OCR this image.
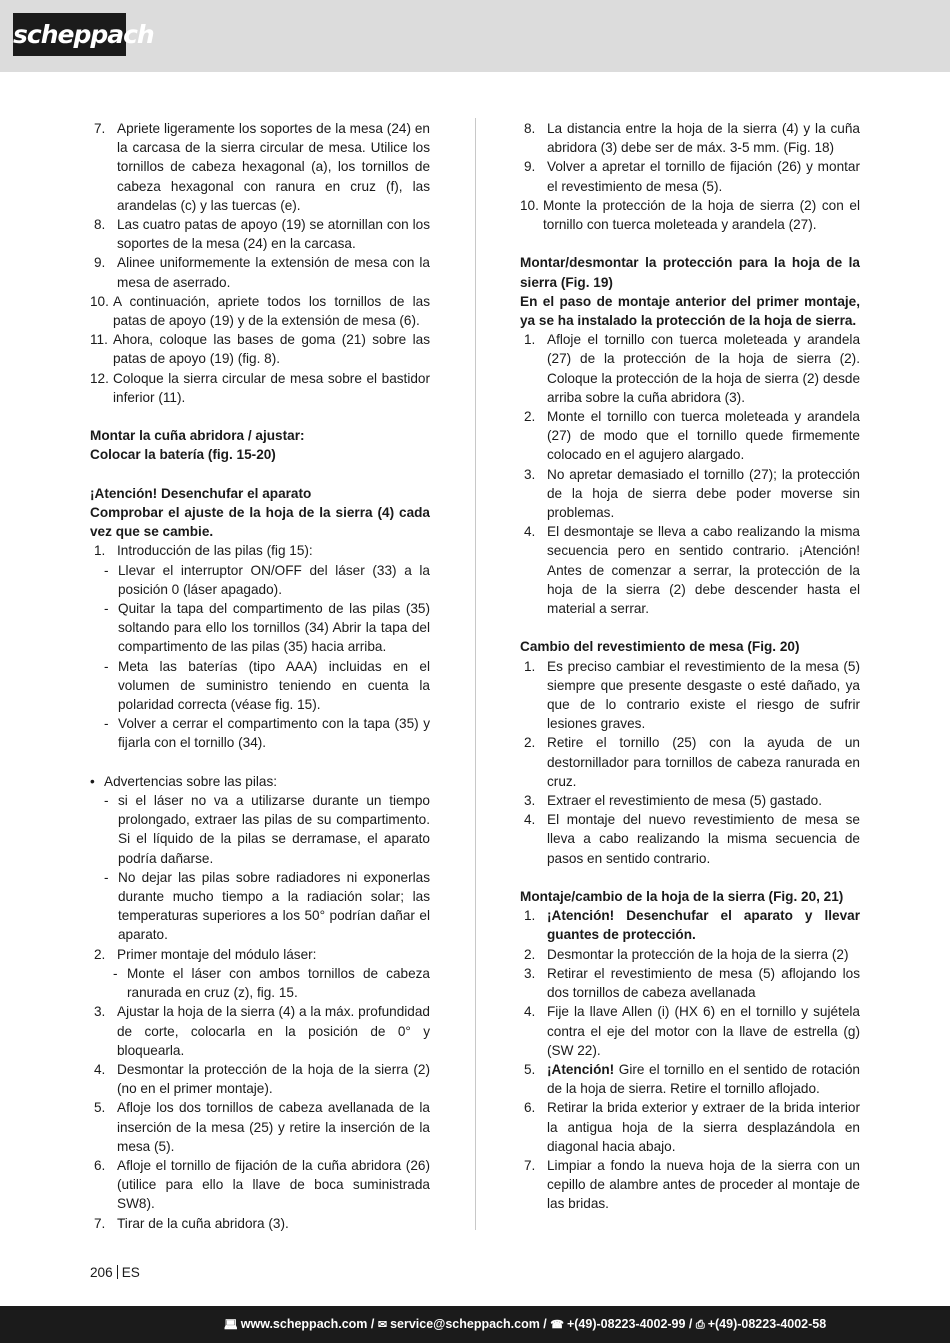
scheppach
7. Apriete ligeramente los soportes de la mesa (24) en la carcasa de la sierra circular de mesa. Utilice los tornillos de cabeza hexagonal (a), los tornillos de cabeza hexagonal con ranura en cruz (f), las arandelas (c) y las tuercas (e).
8. Las cuatro patas de apoyo (19) se atornillan con los soportes de la mesa (24) en la carcasa.
9. Alinee uniformemente la extensión de mesa con la mesa de aserrado.
10. A continuación, apriete todos los tornillos de las patas de apoyo (19) y de la extensión de mesa (6).
11. Ahora, coloque las bases de goma (21) sobre las patas de apoyo (19) (fig. 8).
12. Coloque la sierra circular de mesa sobre el bastidor inferior (11).
Montar la cuña abridora / ajustar:
Colocar la batería (fig. 15-20)
¡Atención! Desenchufar el aparato
Comprobar el ajuste de la hoja de la sierra (4) cada vez que se cambie.
1. Introducción de las pilas (fig 15):
- Llevar el interruptor ON/OFF del láser (33) a la posición 0 (láser apagado).
- Quitar la tapa del compartimento de las pilas (35) soltando para ello los tornillos (34) Abrir la tapa del compartimento de las pilas (35) hacia arriba.
- Meta las baterías (tipo AAA) incluidas en el volumen de suministro teniendo en cuenta la polaridad correcta (véase fig. 15).
- Volver a cerrar el compartimento con la tapa (35) y fijarla con el tornillo (34).
• Advertencias sobre las pilas:
- si el láser no va a utilizarse durante un tiempo prolongado, extraer las pilas de su compartimento. Si el líquido de la pilas se derramase, el aparato podría dañarse.
- No dejar las pilas sobre radiadores ni exponerlas durante mucho tiempo a la radiación solar; las temperaturas superiores a los 50° podrían dañar el aparato.
2. Primer montaje del módulo láser:
- Monte el láser con ambos tornillos de cabeza ranurada en cruz (z), fig. 15.
3. Ajustar la hoja de la sierra (4) a la máx. profundidad de corte, colocarla en la posición de 0° y bloquearla.
4. Desmontar la protección de la hoja de la sierra (2) (no en el primer montaje).
5. Afloje los dos tornillos de cabeza avellanada de la inserción de la mesa (25) y retire la inserción de la mesa (5).
6. Afloje el tornillo de fijación de la cuña abridora (26) (utilice para ello la llave de boca suministrada SW8).
7. Tirar de la cuña abridora (3).
8. La distancia entre la hoja de la sierra (4) y la cuña abridora (3) debe ser de máx. 3-5 mm. (Fig. 18)
9. Volver a apretar el tornillo de fijación (26) y montar el revestimiento de mesa (5).
10. Monte la protección de la hoja de sierra (2) con el tornillo con tuerca moleteada y arandela (27).
Montar/desmontar la protección para la hoja de la sierra (Fig. 19)
En el paso de montaje anterior del primer montaje, ya se ha instalado la protección de la hoja de sierra.
1. Afloje el tornillo con tuerca moleteada y arandela (27) de la protección de la hoja de sierra (2). Coloque la protección de la hoja de sierra (2) desde arriba sobre la cuña abridora (3).
2. Monte el tornillo con tuerca moleteada y arandela (27) de modo que el tornillo quede firmemente colocado en el agujero alargado.
3. No apretar demasiado el tornillo (27); la protección de la hoja de sierra debe poder moverse sin problemas.
4. El desmontaje se lleva a cabo realizando la misma secuencia pero en sentido contrario. ¡Atención! Antes de comenzar a serrar, la protección de la hoja de la sierra (2) debe descender hasta el material a serrar.
Cambio del revestimiento de mesa (Fig. 20)
1. Es preciso cambiar el revestimiento de la mesa (5) siempre que presente desgaste o esté dañado, ya que de lo contrario existe el riesgo de sufrir lesiones graves.
2. Retire el tornillo (25) con la ayuda de un destornillador para tornillos de cabeza ranurada en cruz.
3. Extraer el revestimiento de mesa (5) gastado.
4. El montaje del nuevo revestimiento de mesa se lleva a cabo realizando la misma secuencia de pasos en sentido contrario.
Montaje/cambio de la hoja de la sierra (Fig. 20, 21)
1. ¡Atención! Desenchufar el aparato y llevar guantes de protección.
2. Desmontar la protección de la hoja de la sierra (2)
3. Retirar el revestimiento de mesa (5) aflojando los dos tornillos de cabeza avellanada
4. Fije la llave Allen (i) (HX 6) en el tornillo y sujétela contra el eje del motor con la llave de estrella (g) (SW 22).
5. ¡Atención! Gire el tornillo en el sentido de rotación de la hoja de sierra. Retire el tornillo aflojado.
6. Retirar la brida exterior y extraer de la brida interior la antigua hoja de la sierra desplazándola en diagonal hacia abajo.
7. Limpiar a fondo la nueva hoja de la sierra con un cepillo de alambre antes de proceder al montaje de las bridas.
206 ES
💻︎ www.scheppach.com / ✉︎ service@scheppach.com / ☎ +(49)-08223-4002-99 / ⎙ +(49)-08223-4002-58
